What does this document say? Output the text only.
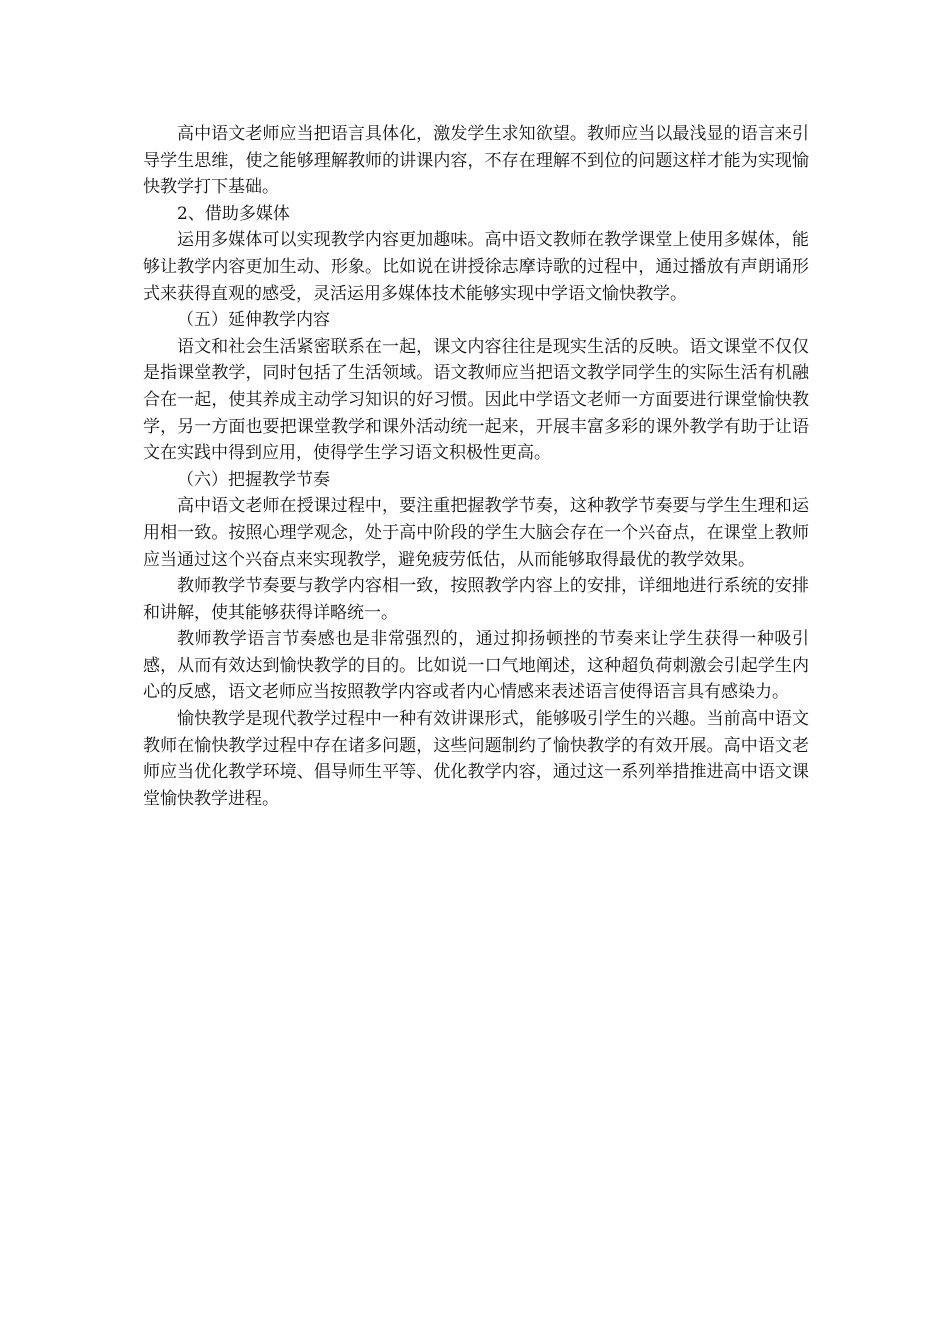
高中语文老师应当把语言具体化，激发学生求知欲望。教师应当以最浅显的语言来引导学生思维，使之能够理解教师的讲课内容，不存在理解不到位的问题这样才能为实现愉快教学打下基础。

2、借助多媒体

运用多媒体可以实现教学内容更加趣味。高中语文教师在教学课堂上使用多媒体，能够让教学内容更加生动、形象。比如说在讲授徐志摩诗歌的过程中，通过播放有声朗诵形式来获得直观的感受，灵活运用多媒体技术能够实现中学语文愉快教学。

（五）延伸教学内容

语文和社会生活紧密联系在一起，课文内容往往是现实生活的反映。语文课堂不仅仅是指课堂教学，同时包括了生活领域。语文教师应当把语文教学同学生的实际生活有机融合在一起，使其养成主动学习知识的好习惯。因此中学语文老师一方面要进行课堂愉快教学，另一方面也要把课堂教学和课外活动统一起来，开展丰富多彩的课外教学有助于让语文在实践中得到应用，使得学生学习语文积极性更高。

（六）把握教学节奏

高中语文老师在授课过程中，要注重把握教学节奏，这种教学节奏要与学生生理和运用相一致。按照心理学观念，处于高中阶段的学生大脑会存在一个兴奋点，在课堂上教师应当通过这个兴奋点来实现教学，避免疲劳低估，从而能够取得最优的教学效果。

教师教学节奏要与教学内容相一致，按照教学内容上的安排，详细地进行系统的安排和讲解，使其能够获得详略统一。

教师教学语言节奏感也是非常强烈的，通过抑扬顿挫的节奏来让学生获得一种吸引感，从而有效达到愉快教学的目的。比如说一口气地阐述，这种超负荷刺激会引起学生内心的反感，语文老师应当按照教学内容或者内心情感来表述语言使得语言具有感染力。

愉快教学是现代教学过程中一种有效讲课形式，能够吸引学生的兴趣。当前高中语文教师在愉快教学过程中存在诸多问题，这些问题制约了愉快教学的有效开展。高中语文老师应当优化教学环境、倡导师生平等、优化教学内容，通过这一系列举措推进高中语文课堂愉快教学进程。
